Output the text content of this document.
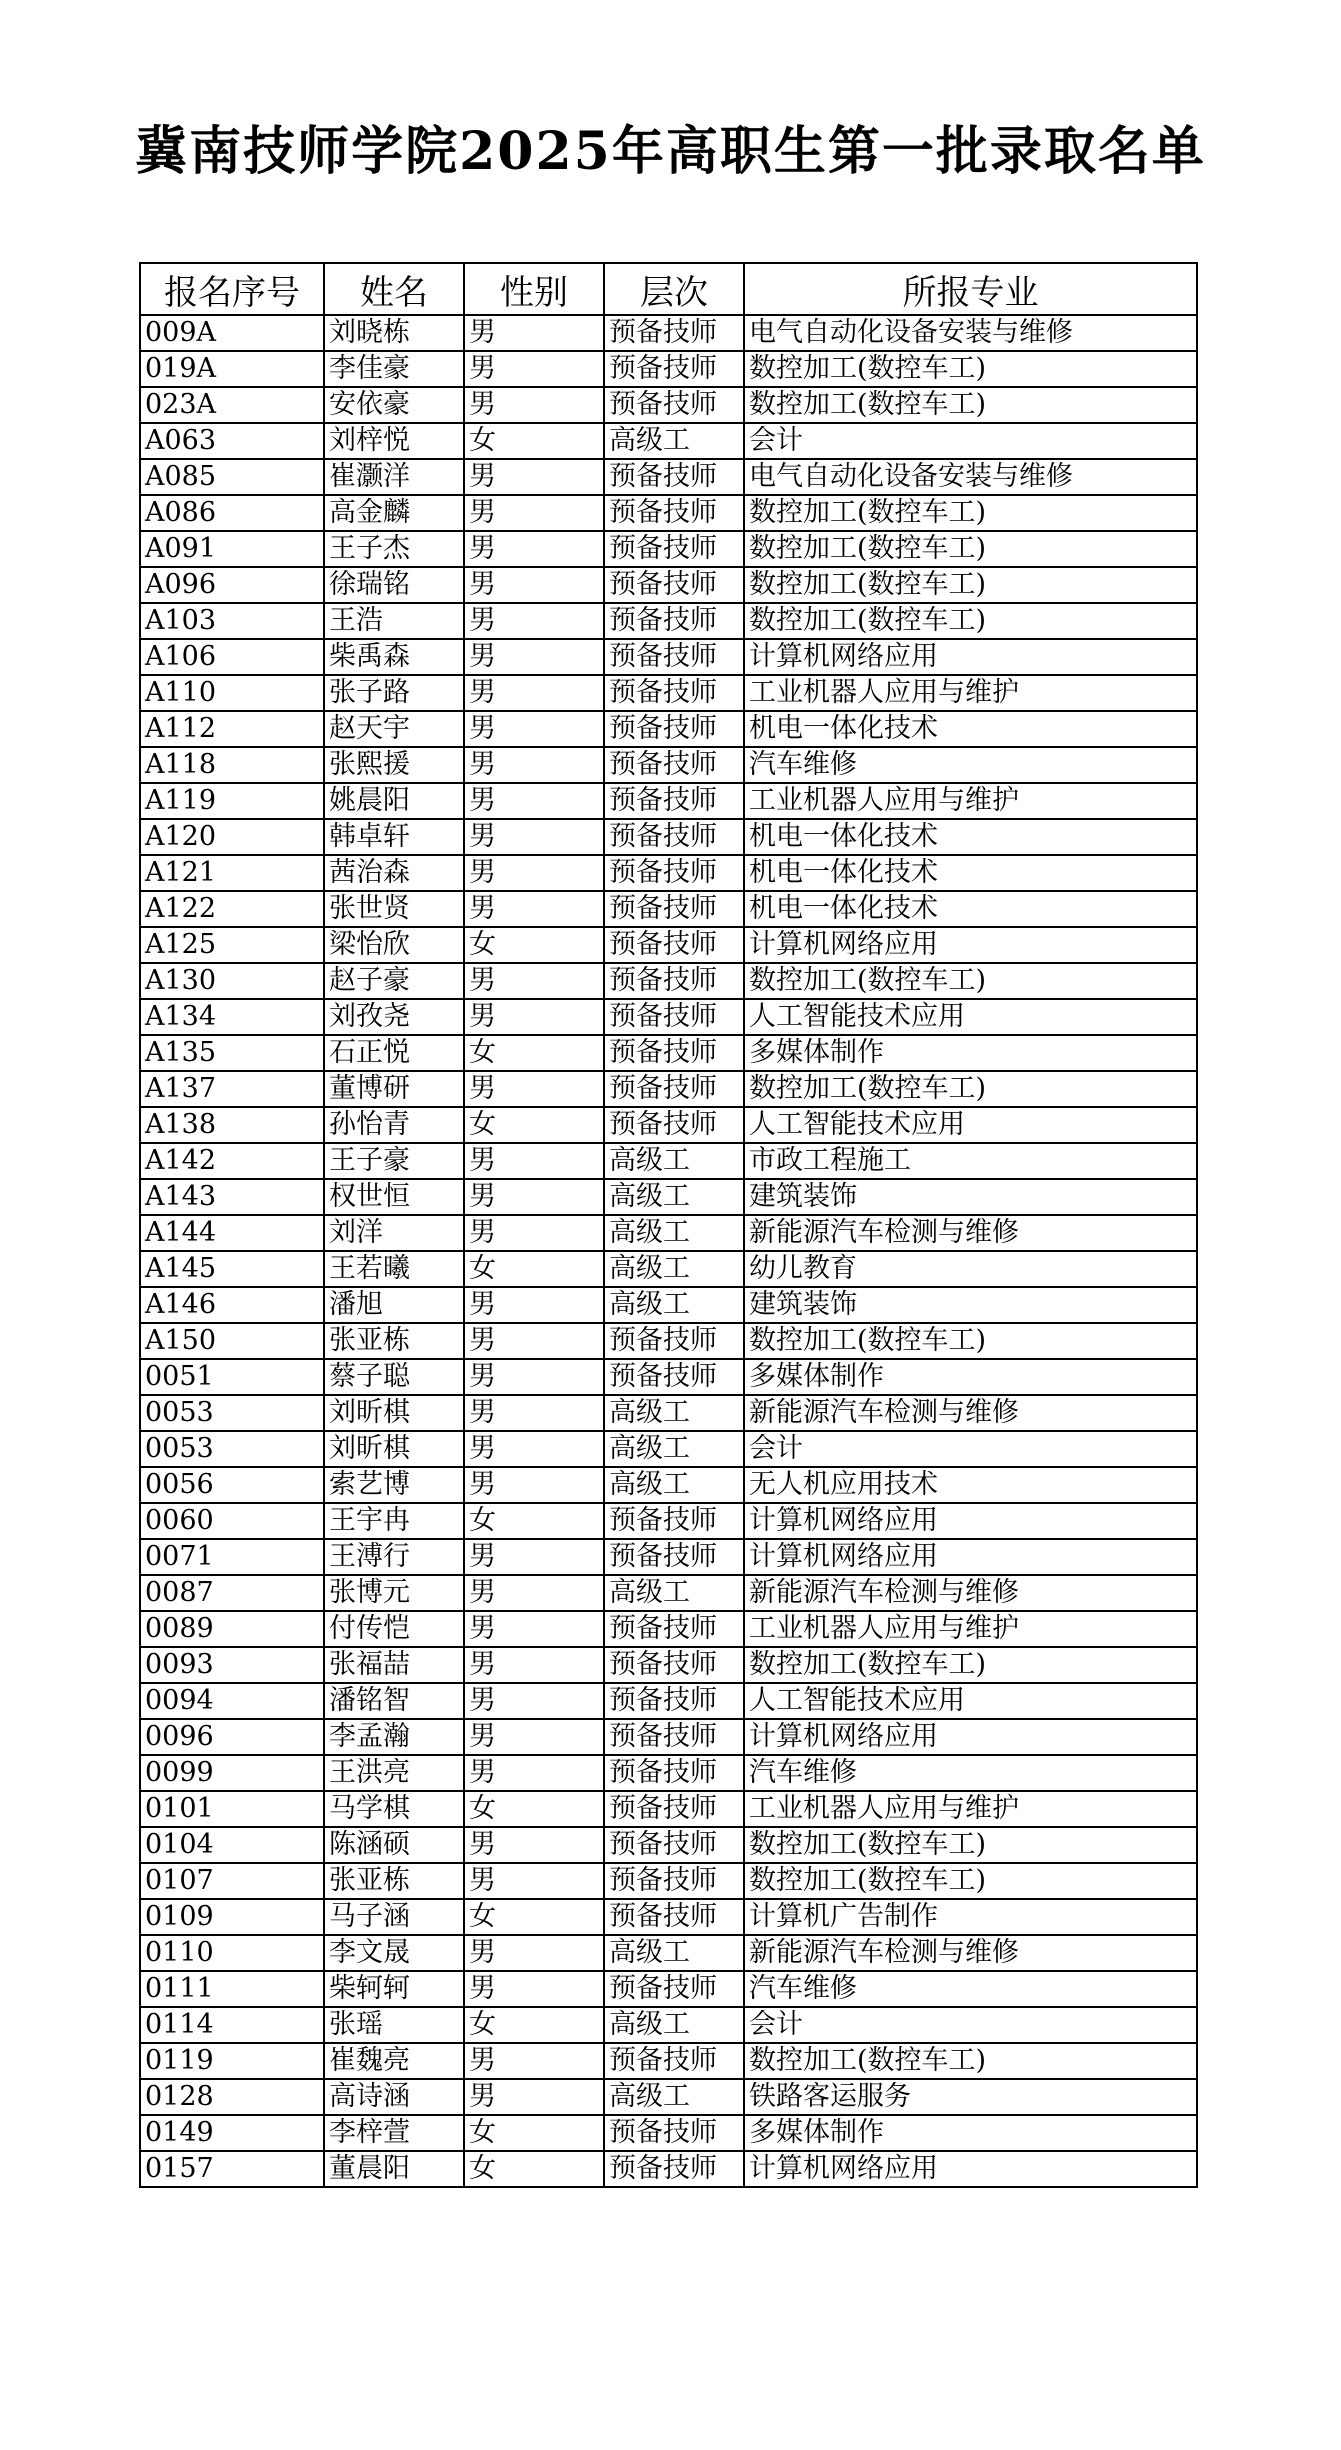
冀南技师学院2025年高职生第一批录取名单
报名序号	姓名	性别	层次	所报专业
009A	刘晓栋	男	预备技师	电气自动化设备安装与维修
019A	李佳豪	男	预备技师	数控加工(数控车工)
023A	安依豪	男	预备技师	数控加工(数控车工)
A063	刘梓悦	女	高级工	会计
A085	崔灏洋	男	预备技师	电气自动化设备安装与维修
A086	高金麟	男	预备技师	数控加工(数控车工)
A091	王子杰	男	预备技师	数控加工(数控车工)
A096	徐瑞铭	男	预备技师	数控加工(数控车工)
A103	王浩	男	预备技师	数控加工(数控车工)
A106	柴禹森	男	预备技师	计算机网络应用
A110	张子路	男	预备技师	工业机器人应用与维护
A112	赵天宇	男	预备技师	机电一体化技术
A118	张熙援	男	预备技师	汽车维修
A119	姚晨阳	男	预备技师	工业机器人应用与维护
A120	韩卓轩	男	预备技师	机电一体化技术
A121	茜治森	男	预备技师	机电一体化技术
A122	张世贤	男	预备技师	机电一体化技术
A125	梁怡欣	女	预备技师	计算机网络应用
A130	赵子豪	男	预备技师	数控加工(数控车工)
A134	刘孜尧	男	预备技师	人工智能技术应用
A135	石正悦	女	预备技师	多媒体制作
A137	董博研	男	预备技师	数控加工(数控车工)
A138	孙怡青	女	预备技师	人工智能技术应用
A142	王子豪	男	高级工	市政工程施工
A143	权世恒	男	高级工	建筑装饰
A144	刘洋	男	高级工	新能源汽车检测与维修
A145	王若曦	女	高级工	幼儿教育
A146	潘旭	男	高级工	建筑装饰
A150	张亚栋	男	预备技师	数控加工(数控车工)
0051	蔡子聪	男	预备技师	多媒体制作
0053	刘昕棋	男	高级工	新能源汽车检测与维修
0053	刘昕棋	男	高级工	会计
0056	索艺博	男	高级工	无人机应用技术
0060	王宇冉	女	预备技师	计算机网络应用
0071	王溥行	男	预备技师	计算机网络应用
0087	张博元	男	高级工	新能源汽车检测与维修
0089	付传恺	男	预备技师	工业机器人应用与维护
0093	张福喆	男	预备技师	数控加工(数控车工)
0094	潘铭智	男	预备技师	人工智能技术应用
0096	李孟瀚	男	预备技师	计算机网络应用
0099	王洪亮	男	预备技师	汽车维修
0101	马学棋	女	预备技师	工业机器人应用与维护
0104	陈涵硕	男	预备技师	数控加工(数控车工)
0107	张亚栋	男	预备技师	数控加工(数控车工)
0109	马子涵	女	预备技师	计算机广告制作
0110	李文晟	男	高级工	新能源汽车检测与维修
0111	柴轲轲	男	预备技师	汽车维修
0114	张瑶	女	高级工	会计
0119	崔魏亮	男	预备技师	数控加工(数控车工)
0128	高诗涵	男	高级工	铁路客运服务
0149	李梓萱	女	预备技师	多媒体制作
0157	董晨阳	女	预备技师	计算机网络应用
